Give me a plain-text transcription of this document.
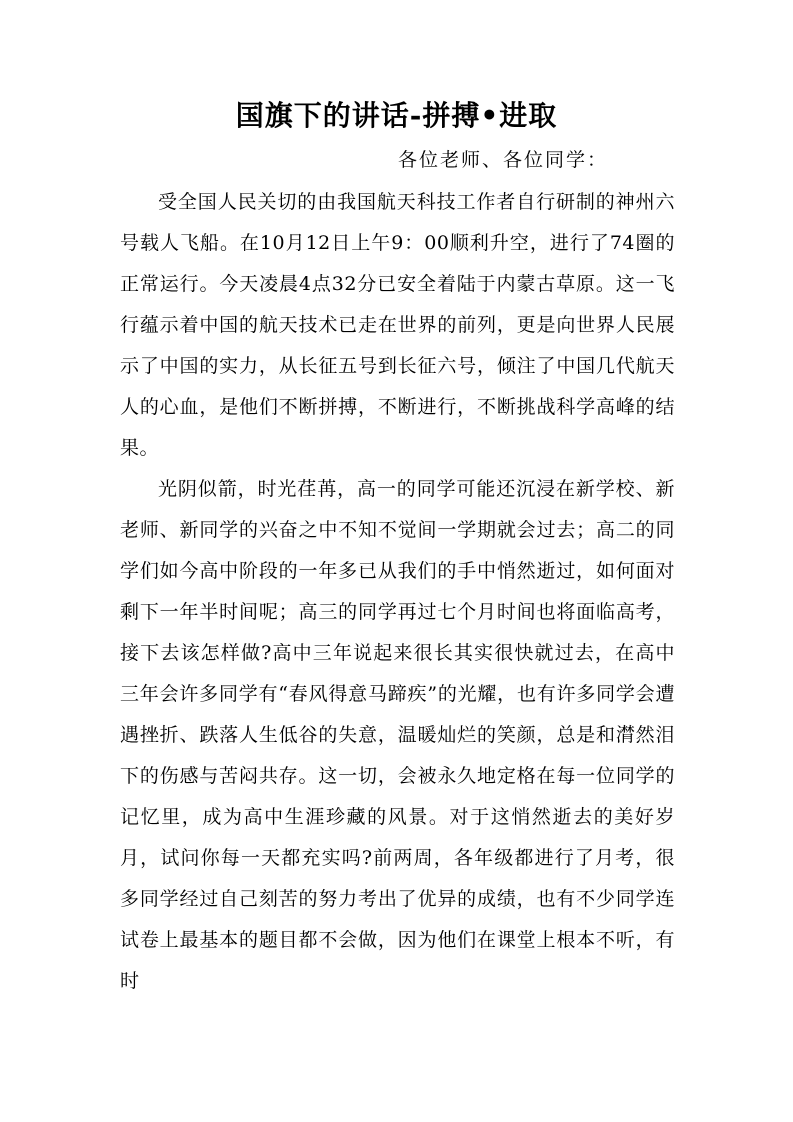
国旗下的讲话-拼搏•进取
各位老师、各位同学：

受全国人民关切的由我国航天科技工作者自行研制的神州六号载人飞船。在10月12日上午9：00顺利升空，进行了74圈的正常运行。今天凌晨4点32分已安全着陆于内蒙古草原。这一飞行蕴示着中国的航天技术已走在世界的前列，更是向世界人民展示了中国的实力，从长征五号到长征六号，倾注了中国几代航天人的心血，是他们不断拼搏，不断进行，不断挑战科学高峰的结果。

光阴似箭，时光荏苒，高一的同学可能还沉浸在新学校、新老师、新同学的兴奋之中不知不觉间一学期就会过去；高二的同学们如今高中阶段的一年多已从我们的手中悄然逝过，如何面对剩下一年半时间呢；高三的同学再过七个月时间也将面临高考，接下去该怎样做?高中三年说起来很长其实很快就过去，在高中三年会许多同学有“春风得意马蹄疾”的光耀，也有许多同学会遭遇挫折、跌落人生低谷的失意，温暖灿烂的笑颜，总是和潸然泪下的伤感与苦闷共存。这一切，会被永久地定格在每一位同学的记忆里，成为高中生涯珍藏的风景。对于这悄然逝去的美好岁月，试问你每一天都充实吗?前两周，各年级都进行了月考，很多同学经过自己刻苦的努力考出了优异的成绩，也有不少同学连试卷上最基本的题目都不会做，因为他们在课堂上根本不听，有时
